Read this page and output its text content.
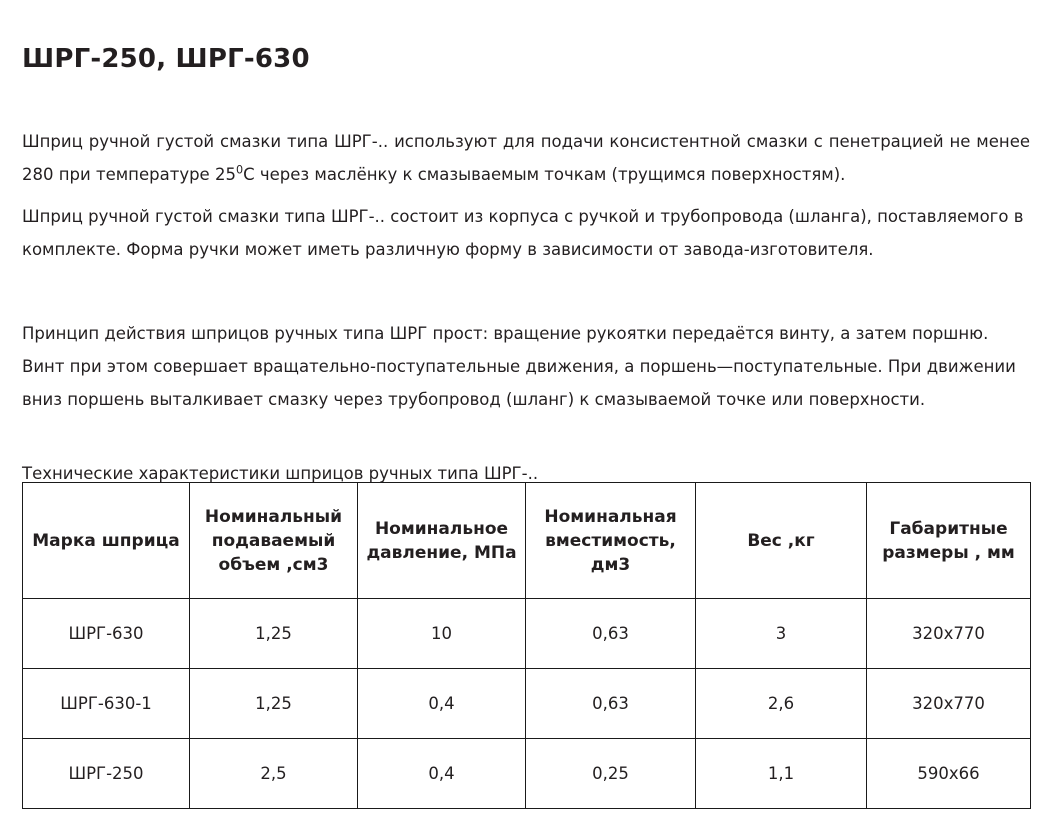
ШРГ-250, ШРГ-630

Шприц ручной густой смазки типа ШРГ-.. используют для подачи консистентной смазки с пенетрацией не менее 280 при температуре $25^0С$ через маслёнку к смазываемым точкам (трущимся поверхностям).

Шприц ручной густой смазки типа ШРГ-.. состоит из корпуса с ручкой и трубопровода (шланга), поставляемого в комплекте. Форма ручки может иметь различную форму в зависимости от завода-изготовителя.

Принцип действия шприцов ручных типа ШРГ прост: вращение рукоятки передаётся винту, а затем поршню. Винт при этом совершает вращательно-поступательные движения, а поршень—поступательные. При движении вниз поршень выталкивает смазку через трубопровод (шланг) к смазываемой точке или поверхности.

Технические характеристики шприцов ручных типа ШРГ-..

Марка шприца	Номинальный подаваемый объем ,см3	Номинальное давление, МПа	Номинальная вместимость, дм3	Вес ,кг	Габаритные размеры , мм
ШРГ-630	1,25	10	0,63	3	320х770
ШРГ-630-1	1,25	0,4	0,63	2,6	320х770
ШРГ-250	2,5	0,4	0,25	1,1	590х66
